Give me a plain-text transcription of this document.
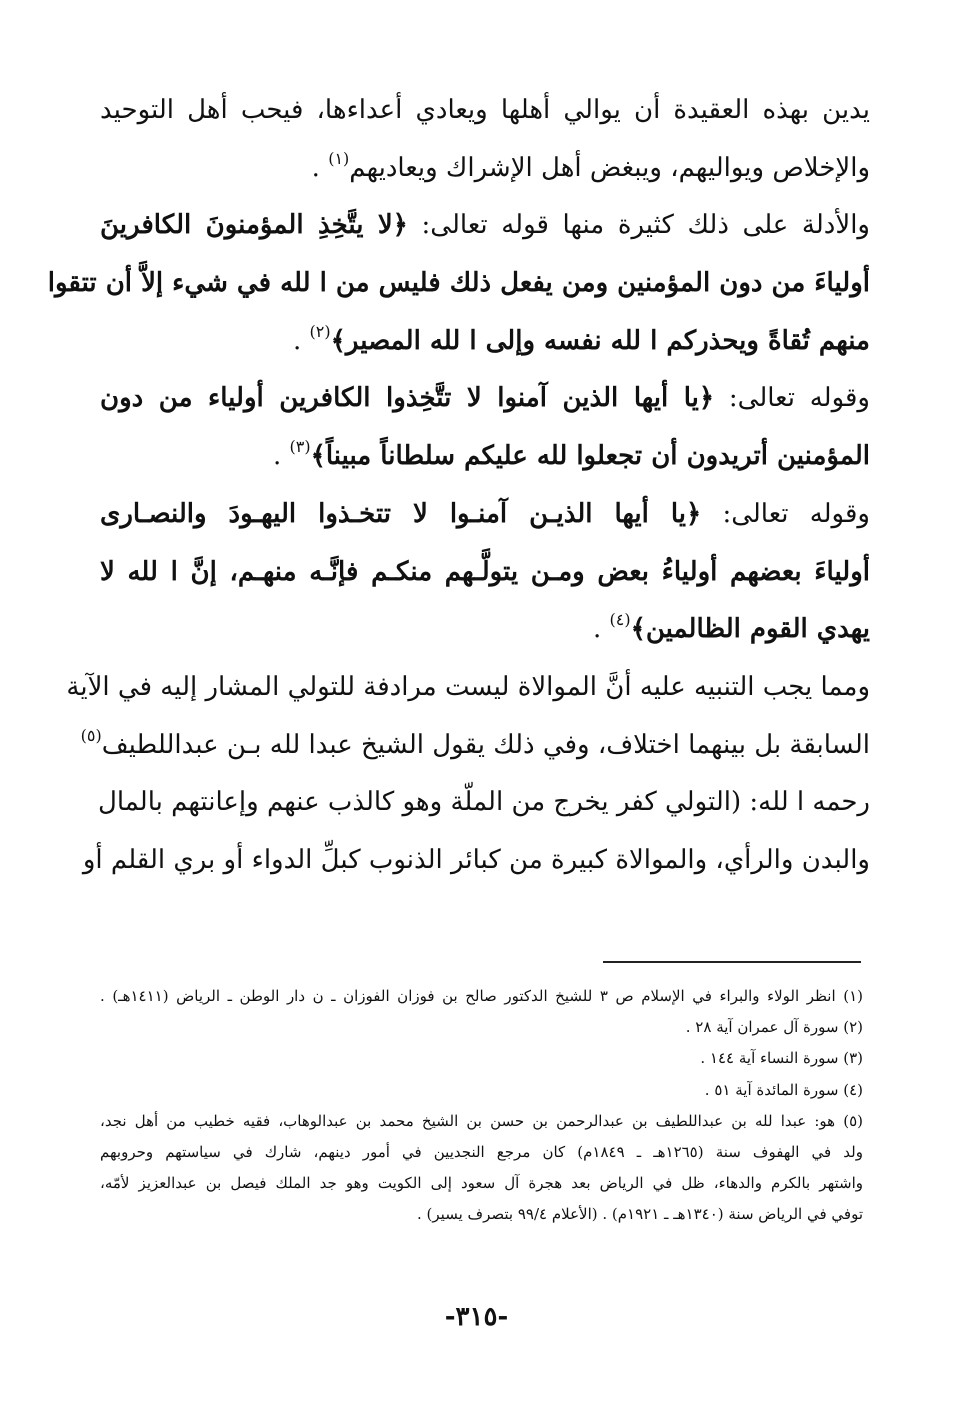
يدين بهذه العقيدة أن يوالي أهلها ويعادي أعداءها، فيحب أهل التوحيد
والإخلاص ويواليهم، ويبغض أهل الإشراك ويعاديهم$^{(١)}$ .
والأدلة على ذلك كثيرة منها قوله تعالى: ﴿لا يتَّخِذِ المؤمنونَ الكافرينَ
أولياءَ من دون المؤمنين ومن يفعل ذلك فليس من ا لله في شيء إلاَّ أن تتقوا
منهم تُقاةً ويحذركم ا لله نفسه وإلى ا لله المصير﴾$^{(٢)}$ .
وقوله تعالى: ﴿يا أيها الذين آمنوا لا تتَّخِذوا الكافرين أولياء من دون
المؤمنين أتريدون أن تجعلوا لله عليكم سلطاناً مبيناً﴾$^{(٣)}$ .
وقوله تعالى: ﴿يا أيها الذيـن آمنـوا لا تتخـذوا اليهـودَ والنصـارى
أولياءَ بعضهم أولياءُ بعض ومـن يتولَّـهم منكـم فإنَّـه منهـم، إنَّ ا لله لا
يهدي القوم الظالمين﴾$^{(٤)}$ .
ومما يجب التنبيه عليه أنَّ الموالاة ليست مرادفة للتولي المشار إليه في الآية
السابقة بل بينهما اختلاف، وفي ذلك يقول الشيخ عبدا لله بـن عبداللطيف$^{(٥)}$
رحمه ا لله: (التولي كفر يخرج من الملّة وهو كالذب عنهم وإعانتهم بالمال
والبدن والرأي، والموالاة كبيرة من كبائر الذنوب كبلِّ الدواء أو بري القلم أو
(١) انظر الولاء والبراء في الإسلام ص ٣ للشيخ الدكتور صالح بن فوزان الفوزان ـ ن دار الوطن ـ الرياض (١٤١١هـ) .
(٢) سورة آل عمران آية ٢٨ .
(٣) سورة النساء آية ١٤٤ .
(٤) سورة المائدة آية ٥١ .
(٥) هو: عبدا لله بن عبداللطيف بن عبدالرحمن بن حسن بن الشيخ محمد بن عبدالوهاب، فقيه خطيب من أهل نجد،
ولد في الهفوف سنة (١٢٦٥هـ ـ ١٨٤٩م) كان مرجع النجديين في أمور دينهم، شارك في سياستهم وحروبهم
واشتهر بالكرم والدهاء، ظل في الرياض بعد هجرة آل سعود إلى الكويت وهو جد الملك فيصل بن عبدالعزيز لأمّه،
توفي في الرياض سنة (١٣٤٠هـ ـ ١٩٢١م) . (الأعلام ٩٩/٤ بتصرف يسير) .
-٣١٥-
